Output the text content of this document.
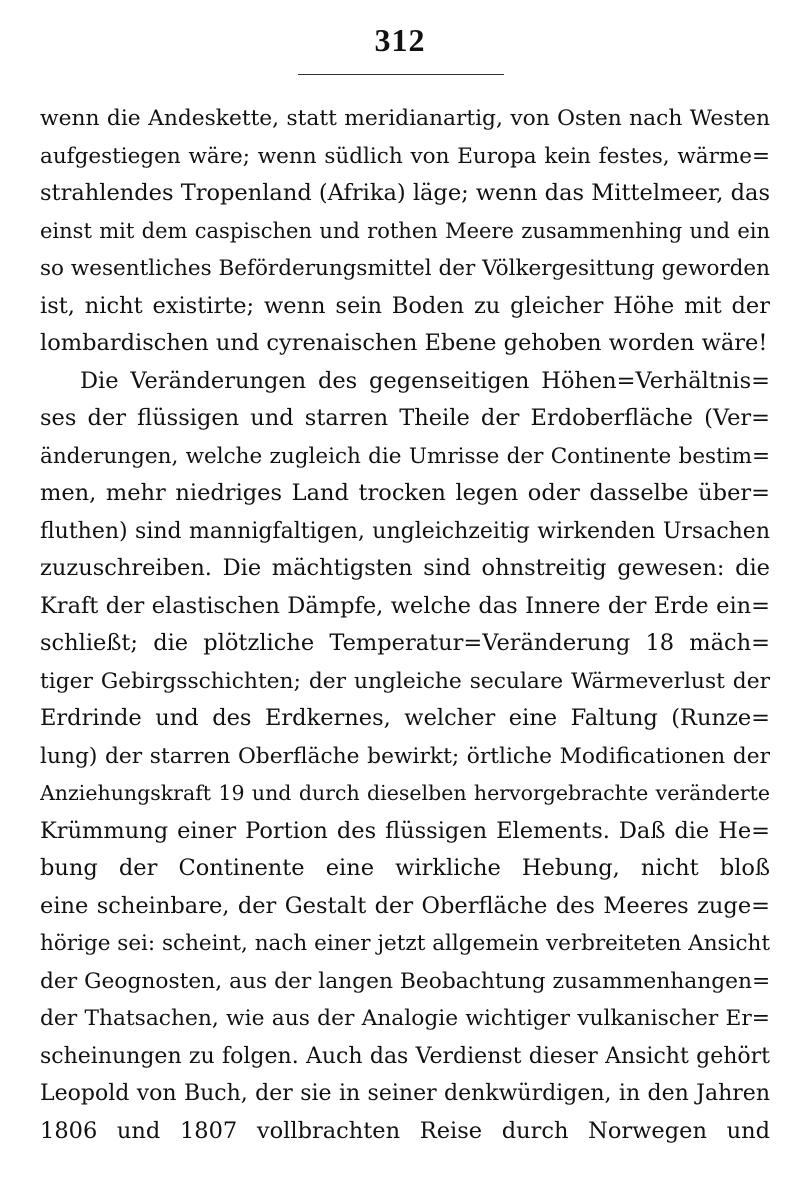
312
wenn die Andeskette, statt meridianartig, von Osten nach Westen
aufgestiegen wäre; wenn südlich von Europa kein festes, wärme=
strahlendes Tropenland (Afrika) läge; wenn das Mittelmeer, das
einst mit dem caspischen und rothen Meere zusammenhing und ein
so wesentliches Beförderungsmittel der Völkergesittung geworden
ist, nicht existirte; wenn sein Boden zu gleicher Höhe mit der
lombardischen und cyrenaischen Ebene gehoben worden wäre!
Die Veränderungen des gegenseitigen Höhen=Verhältnis=
ses der flüssigen und starren Theile der Erdoberfläche (Ver=
änderungen, welche zugleich die Umrisse der Continente bestim=
men, mehr niedriges Land trocken legen oder dasselbe über=
fluthen) sind mannigfaltigen, ungleichzeitig wirkenden Ursachen
zuzuschreiben. Die mächtigsten sind ohnstreitig gewesen: die
Kraft der elastischen Dämpfe, welche das Innere der Erde ein=
schließt; die plötzliche Temperatur=Veränderung 18 mäch=
tiger Gebirgsschichten; der ungleiche seculare Wärmeverlust der
Erdrinde und des Erdkernes, welcher eine Faltung (Runze=
lung) der starren Oberfläche bewirkt; örtliche Modificationen der
Anziehungskraft 19 und durch dieselben hervorgebrachte veränderte
Krümmung einer Portion des flüssigen Elements. Daß die He=
bung der Continente eine wirkliche Hebung, nicht bloß
eine scheinbare, der Gestalt der Oberfläche des Meeres zuge=
hörige sei: scheint, nach einer jetzt allgemein verbreiteten Ansicht
der Geognosten, aus der langen Beobachtung zusammenhangen=
der Thatsachen, wie aus der Analogie wichtiger vulkanischer Er=
scheinungen zu folgen. Auch das Verdienst dieser Ansicht gehört
Leopold von Buch, der sie in seiner denkwürdigen, in den Jahren
1806 und 1807 vollbrachten Reise durch Norwegen und
